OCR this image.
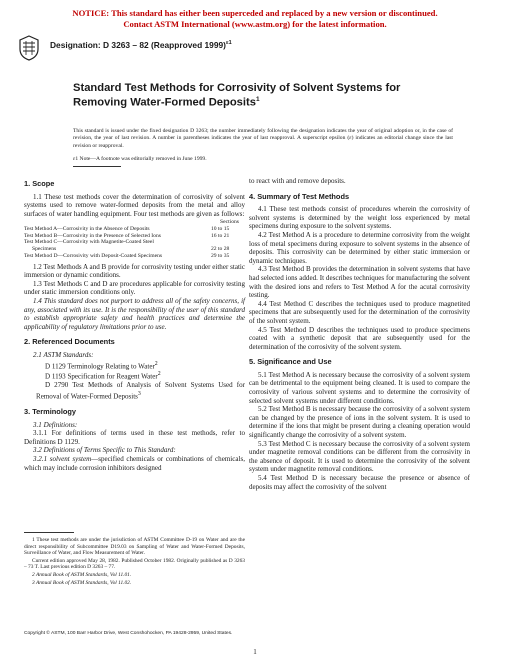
NOTICE: This standard has either been superceded and replaced by a new version or discontinued.
Contact ASTM International (www.astm.org) for the latest information.
Designation: D 3263 – 82 (Reapproved 1999)$^{\varepsilon 1}$
Standard Test Methods for Corrosivity of Solvent Systems for Removing Water-Formed Deposits$^1$
This standard is issued under the fixed designation D 3263; the number immediately following the designation indicates the year of original adoption or, in the case of revision, the year of last revision. A number in parentheses indicates the year of last reapproval. A superscript epsilon (ε) indicates an editorial change since the last revision or reapproval.
ε1 Note—A footnote was editorially removed in June 1999.
1. Scope

1.1 These test methods cover the determination of corrosivity of solvent systems used to remove water-formed deposits from the metal and alloy surfaces of water handling equipment. Four test methods are given as follows:

Sections
Test Method A—Corrosivity in the Absence of Deposits	10 to 15
Test Method B—Corrosivity in the Presence of Selected Ions	16 to 21
Test Method C—Corrosivity with Magnetite-Coated Steel
Specimens	22 to 28
Test Method D—Corrosivity with Deposit-Coated Specimens	29 to 35

1.2 Test Methods A and B provide for corrosivity testing under either static immersion or dynamic conditions.

1.3 Test Methods C and D are procedures applicable for corrosivity testing under static immersion conditions only.

1.4 This standard does not purport to address all of the safety concerns, if any, associated with its use. It is the responsibility of the user of this standard to establish appropriate safety and health practices and determine the applicability of regulatory limitations prior to use.

2. Referenced Documents

2.1 ASTM Standards:

D 1129 Terminology Relating to Water$^2$

D 1193 Specification for Reagent Water$^2$

D 2790 Test Methods of Analysis of Solvent Systems Used for Removal of Water-Formed Deposits$^3$

3. Terminology

3.1 Definitions:

3.1.1 For definitions of terms used in these test methods, refer to Definitions D 1129.

3.2 Definitions of Terms Specific to This Standard:

3.2.1 solvent system—specified chemicals or combinations of chemicals, which may include corrosion inhibitors designed

to react with and remove deposits.

4. Summary of Test Methods

4.1 These test methods consist of procedures wherein the corrosivity of solvent systems is determined by the weight loss experienced by metal specimens during exposure to the solvent systems.

4.2 Test Method A is a procedure to determine corrosivity from the weight loss of metal specimens during exposure to solvent systems in the absence of deposits. This corrosivity can be determined by either static immersion or dynamic techniques.

4.3 Test Method B provides the determination in solvent systems that have had selected ions added. It describes techniques for manufacturing the solvent with the desired ions and refers to Test Method A for the acutal corrosivity testing.

4.4 Test Method C describes the techniques used to produce magnetited specimens that are subsequently used for the determination of the corrosivity of the solvent system.

4.5 Test Method D describes the techniques used to produce specimens coated with a synthetic deposit that are subsequently used for the determination of the corrosivity of the solvent system.

5. Significance and Use

5.1 Test Method A is necessary because the corrosivity of a solvent system can be detrimental to the equipment being cleaned. It is used to compare the corrosivity of various solvent systems and to determine the corrosivity of selected solvent systems under different conditions.

5.2 Test Method B is necessary because the corrosivity of a solvent system can be changed by the presence of ions in the solvent system. It is used to determine if the ions that might be present during a cleaning operation would significantly change the corrosivity of a solvent system.

5.3 Test Method C is necessary because the corrosivity of a solvent system under magnetite removal conditions can be different from the corrosivity in the absence of deposit. It is used to determine the corrosivity of the solvent system under magnetite removal conditions.

5.4 Test Method D is necessary because the presence or absence of deposits may affect the corrosivity of the solvent

1 These test methods are under the jurisdiction of ASTM Committee D-19 on Water and are the direct responsibility of Subcommittee D19.03 on Sampling of Water and Water-Formed Deposits, Surveillance of Water, and Flow Measurement of Water.

Current edition approved May 28, 1982. Published October 1982. Originally published as D 3263 – 73 T. Last previous edition D 3263 – 77.

2 Annual Book of ASTM Standards, Vol 11.01.

3 Annual Book of ASTM Standards, Vol 11.02.

Copyright © ASTM, 100 Barr Harbor Drive, West Conshohocken, PA 19428-2959, United States.
1
